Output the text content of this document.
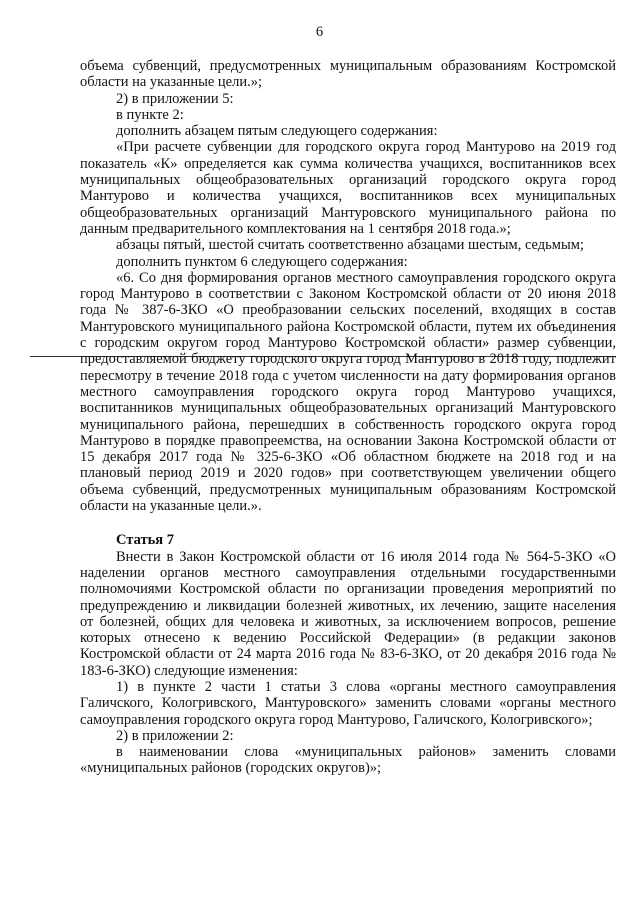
6

объема субвенций, предусмотренных муниципальным образованиям Костромской области на указанные цели.»;

2) в приложении 5:

в пункте 2:

дополнить абзацем пятым следующего содержания:

«При расчете субвенции для городского округа город Мантурово на 2019 год показатель «К» определяется как сумма количества учащихся, воспитанников всех муниципальных общеобразовательных организаций городского округа город Мантурово и количества учащихся, воспитанников всех муниципальных общеобразовательных организаций Мантуровского муниципального района по данным предварительного комплектования на 1 сентября 2018 года.»;

абзацы пятый, шестой считать соответственно абзацами шестым, седьмым;

дополнить пунктом 6 следующего содержания:

«6. Со дня формирования органов местного самоуправления городского округа город Мантурово в соответствии с Законом Костромской области от 20 июня 2018 года № 387-6-ЗКО «О преобразовании сельских поселений, входящих в состав Мантуровского муниципального района Костромской области, путем их объединения с городским округом город Мантурово Костромской области» размер субвенции, предоставляемой бюджету городского округа город Мантурово в 2018 году, подлежит пересмотру в течение 2018 года с учетом численности на дату формирования органов местного самоуправления городского округа город Мантурово учащихся, воспитанников муниципальных общеобразовательных организаций Мантуровского муниципального района, перешедших в собственность городского округа город Мантурово в порядке правопреемства, на основании Закона Костромской области от 15 декабря 2017 года № 325-6-ЗКО «Об областном бюджете на 2018 год и на плановый период 2019 и 2020 годов» при соответствующем увеличении общего объема субвенций, предусмотренных муниципальным образованиям Костромской области на указанные цели.».

Статья 7

Внести в Закон Костромской области от 16 июля 2014 года № 564-5-ЗКО «О наделении органов местного самоуправления отдельными государственными полномочиями Костромской области по организации проведения мероприятий по предупреждению и ликвидации болезней животных, их лечению, защите населения от болезней, общих для человека и животных, за исключением вопросов, решение которых отнесено к ведению Российской Федерации» (в редакции законов Костромской области от 24 марта 2016 года № 83-6-ЗКО, от 20 декабря 2016 года № 183-6-ЗКО) следующие изменения:

1) в пункте 2 части 1 статьи 3 слова «органы местного самоуправления Галичского, Кологривского, Мантуровского» заменить словами «органы местного самоуправления городского округа город Мантурово, Галичского, Кологривского»;

2) в приложении 2:

в наименовании слова «муниципальных районов» заменить словами «муниципальных районов (городских округов)»;
